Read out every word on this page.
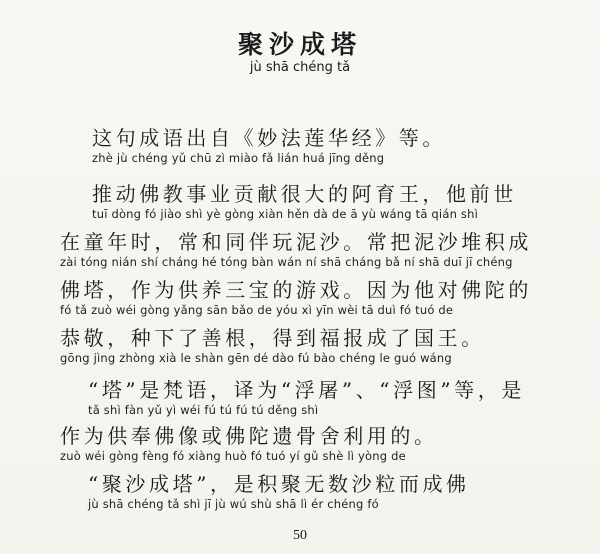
聚沙成塔
jù shā chéng tǎ
这句成语出自《妙法莲华经》等。
zhè jù chéng yǔ chū zì miào fǎ lián huá jīng děng
推动佛教事业贡献很大的阿育王，他前世
tuī dòng fó jiào shì yè gòng xiàn hěn dà de ā yù wáng tā qián shì
在童年时，常和同伴玩泥沙。常把泥沙堆积成
zài tóng nián shí cháng hé tóng bàn wán ní shā cháng bǎ ní shā duī jī chéng
佛塔，作为供养三宝的游戏。因为他对佛陀的
fó tǎ zuò wéi gòng yǎng sān bǎo de yóu xì yīn wèi tā duì fó tuó de
恭敬，种下了善根，得到福报成了国王。
gōng jìng zhòng xià le shàn gēn dé dào fú bào chéng le guó wáng
“塔”是梵语，译为“浮屠”、“浮图”等，是
tǎ shì fàn yǔ yì wéi fú tú fú tú děng shì
作为供奉佛像或佛陀遗骨舍利用的。
zuò wéi gòng fèng fó xiàng huò fó tuó yí gǔ shè lì yòng de
“聚沙成塔”，是积聚无数沙粒而成佛
jù shā chéng tǎ shì jī jù wú shù shā lì ér chéng fó
50
